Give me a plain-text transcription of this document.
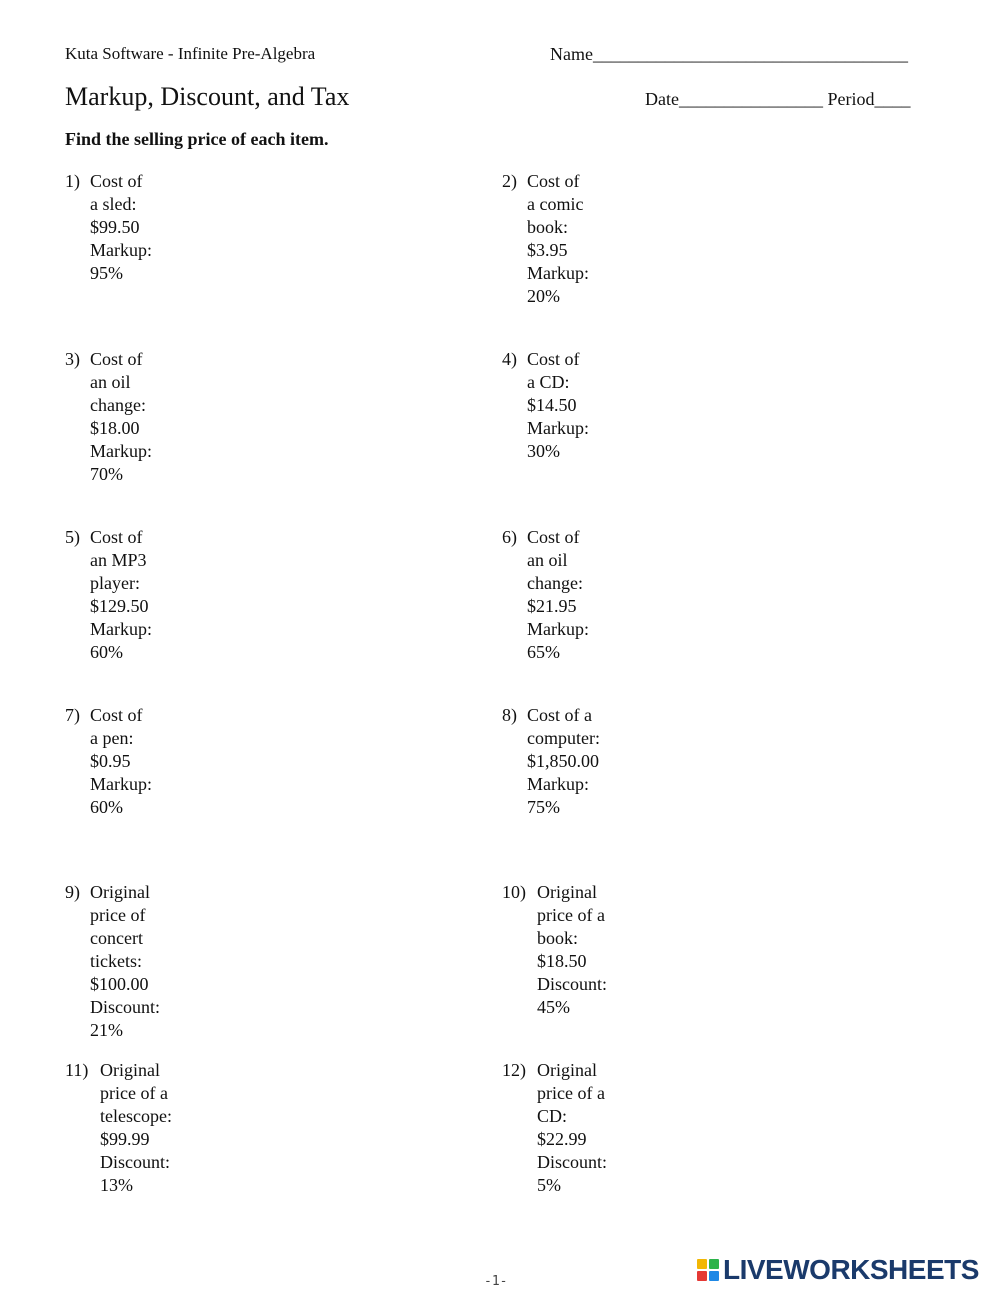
Kuta Software - Infinite Pre-Algebra	Name___________________________________
Markup, Discount, and Tax	Date________________ Period____
Find the selling price of each item.
1) Cost of a sled: $99.50
Markup: 95%
2) Cost of a comic book: $3.95
Markup: 20%
3) Cost of an oil change: $18.00
Markup: 70%
4) Cost of a CD: $14.50
Markup: 30%
5) Cost of an MP3 player: $129.50
Markup: 60%
6) Cost of an oil change: $21.95
Markup: 65%
7) Cost of a pen: $0.95
Markup: 60%
8) Cost of a computer: $1,850.00
Markup: 75%
9) Original price of concert tickets: $100.00
Discount: 21%
10) Original price of a book: $18.50
Discount: 45%
11) Original price of a telescope: $99.99
Discount: 13%
12) Original price of a CD: $22.99
Discount: 5%
-1-	LIVEWORKSHEETS
